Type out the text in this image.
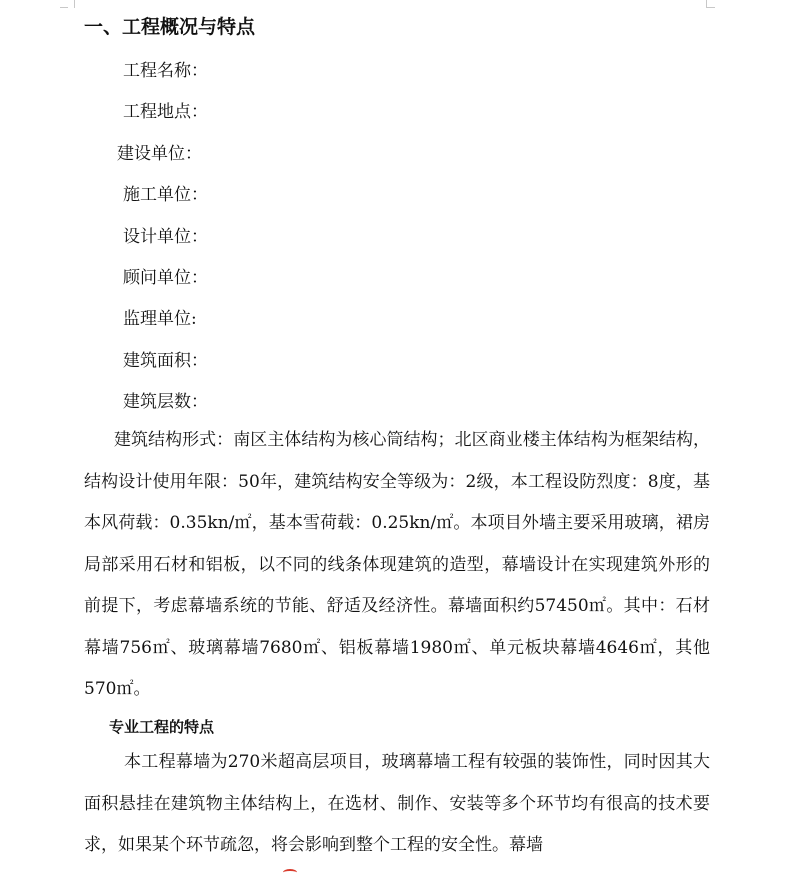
一、工程概况与特点
工程名称：
工程地点：
建设单位：
施工单位：
设计单位：
顾问单位：
监理单位:
建筑面积：
建筑层数：
建筑结构形式：南区主体结构为核心筒结构；北区商业楼主体结构为框架结构，结构设计使用年限：50年，建筑结构安全等级为：2级，本工程设防烈度：8度，基本风荷载：0.35kn/㎡，基本雪荷载：0.25kn/㎡。本项目外墙主要采用玻璃，裙房局部采用石材和铝板，以不同的线条体现建筑的造型，幕墙设计在实现建筑外形的前提下，考虑幕墙系统的节能、舒适及经济性。幕墙面积约57450㎡。其中：石材幕墙756㎡、玻璃幕墙7680㎡、铝板幕墙1980㎡、单元板块幕墙4646㎡，其他570㎡。
专业工程的特点
本工程幕墙为270米超高层项目，玻璃幕墙工程有较强的装饰性，同时因其大面积悬挂在建筑物主体结构上，在选材、制作、安装等多个环节均有很高的技术要求，如果某个环节疏忽，将会影响到整个工程的安全性。幕墙
